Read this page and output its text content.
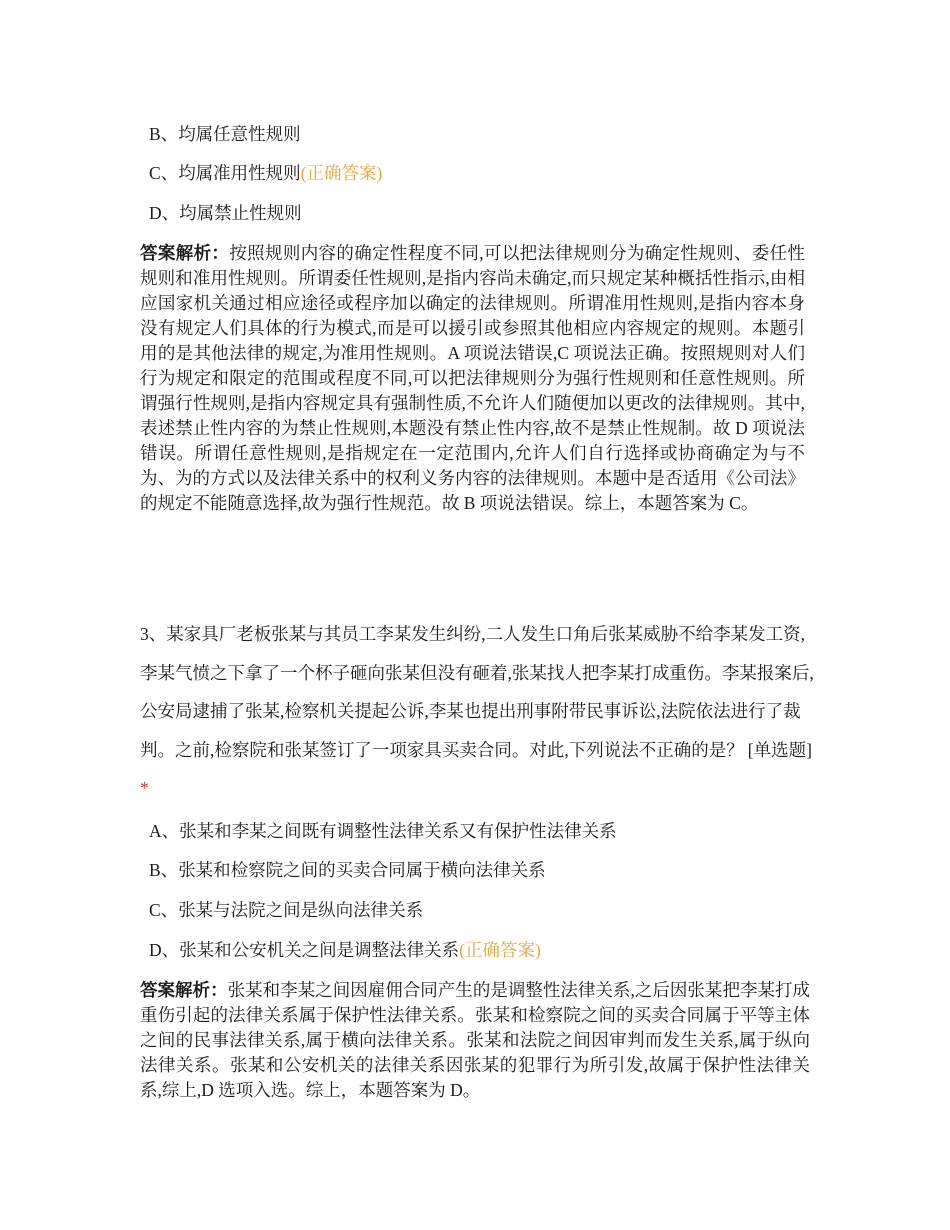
B、均属任意性规则
C、均属准用性规则(正确答案)
D、均属禁止性规则
答案解析：按照规则内容的确定性程度不同,可以把法律规则分为确定性规则、委任性规则和准用性规则。所谓委任性规则,是指内容尚未确定,而只规定某种概括性指示,由相应国家机关通过相应途径或程序加以确定的法律规则。所谓准用性规则,是指内容本身没有规定人们具体的行为模式,而是可以援引或参照其他相应内容规定的规则。本题引用的是其他法律的规定,为准用性规则。A 项说法错误,C 项说法正确。按照规则对人们行为规定和限定的范围或程度不同,可以把法律规则分为强行性规则和任意性规则。所谓强行性规则,是指内容规定具有强制性质,不允许人们随便加以更改的法律规则。其中,表述禁止性内容的为禁止性规则,本题没有禁止性内容,故不是禁止性规制。故 D 项说法错误。所谓任意性规则,是指规定在一定范围内,允许人们自行选择或协商确定为与不为、为的方式以及法律关系中的权利义务内容的法律规则。本题中是否适用《公司法》的规定不能随意选择,故为强行性规范。故 B 项说法错误。综上，本题答案为 C。
3、某家具厂老板张某与其员工李某发生纠纷,二人发生口角后张某威胁不给李某发工资,李某气愤之下拿了一个杯子砸向张某但没有砸着,张某找人把李某打成重伤。李某报案后,公安局逮捕了张某,检察机关提起公诉,李某也提出刑事附带民事诉讼,法院依法进行了裁判。之前,检察院和张某签订了一项家具买卖合同。对此,下列说法不正确的是？ [单选题] *
A、张某和李某之间既有调整性法律关系又有保护性法律关系
B、张某和检察院之间的买卖合同属于横向法律关系
C、张某与法院之间是纵向法律关系
D、张某和公安机关之间是调整法律关系(正确答案)
答案解析：张某和李某之间因雇佣合同产生的是调整性法律关系,之后因张某把李某打成重伤引起的法律关系属于保护性法律关系。张某和检察院之间的买卖合同属于平等主体之间的民事法律关系,属于横向法律关系。张某和法院之间因审判而发生关系,属于纵向法律关系。张某和公安机关的法律关系因张某的犯罪行为所引发,故属于保护性法律关系,综上,D 选项入选。综上，本题答案为 D。
